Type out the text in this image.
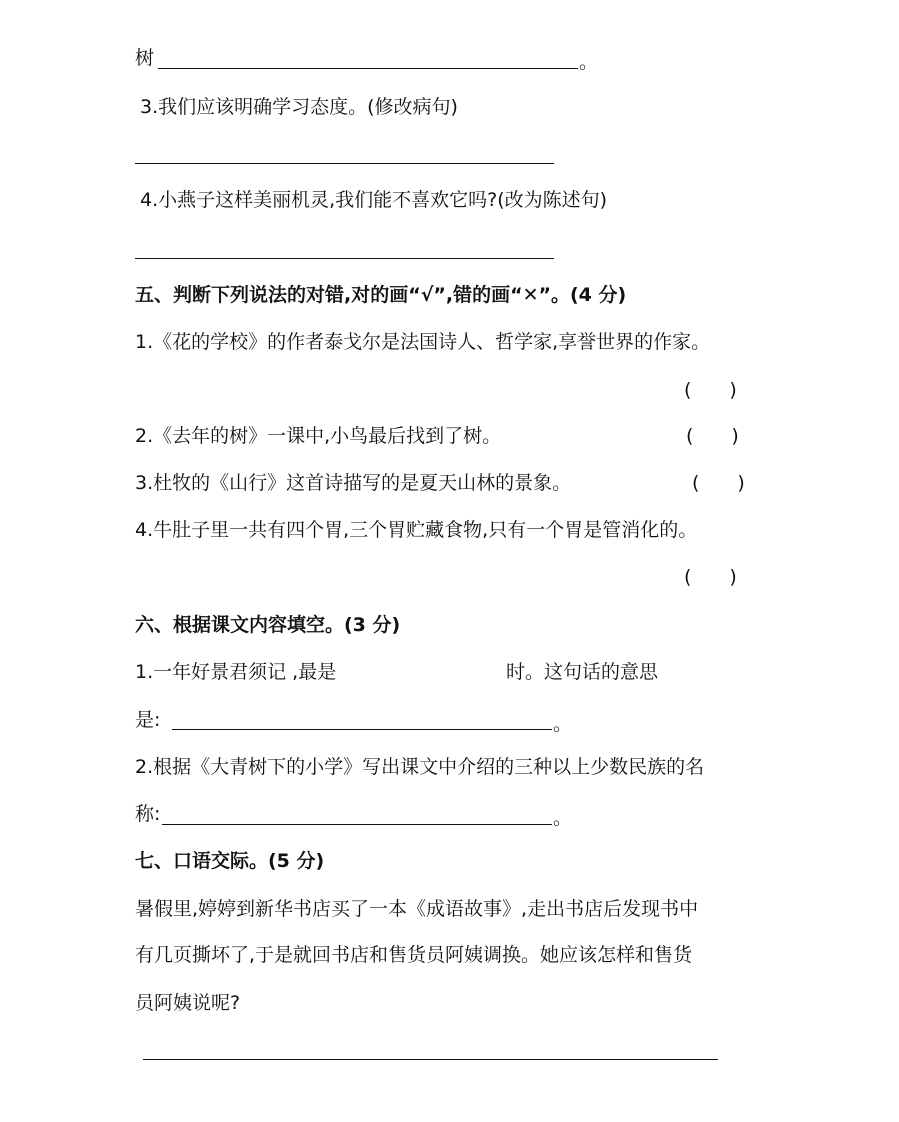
树	。
3.我们应该明确学习态度。(修改病句)
4.小燕子这样美丽机灵,我们能不喜欢它吗?(改为陈述句)
五、判断下列说法的对错,对的画“√”,错的画“✕”。(4 分)
1.《花的学校》的作者泰戈尔是法国诗人、哲学家,享誉世界的作家。
(　　)
2.《去年的树》一课中,小鸟最后找到了树。	(　　)
3.杜牧的《山行》这首诗描写的是夏天山林的景象。	(　　)
4.牛肚子里一共有四个胃,三个胃贮藏食物,只有一个胃是管消化的。
(　　)
六、根据课文内容填空。(3 分)
1.一年好景君须记 ,最是	时。这句话的意思
是:	。
2.根据《大青树下的小学》写出课文中介绍的三种以上少数民族的名
称:	。
七、口语交际。(5 分)
暑假里,婷婷到新华书店买了一本《成语故事》,走出书店后发现书中
有几页撕坏了,于是就回书店和售货员阿姨调换。她应该怎样和售货
员阿姨说呢?
